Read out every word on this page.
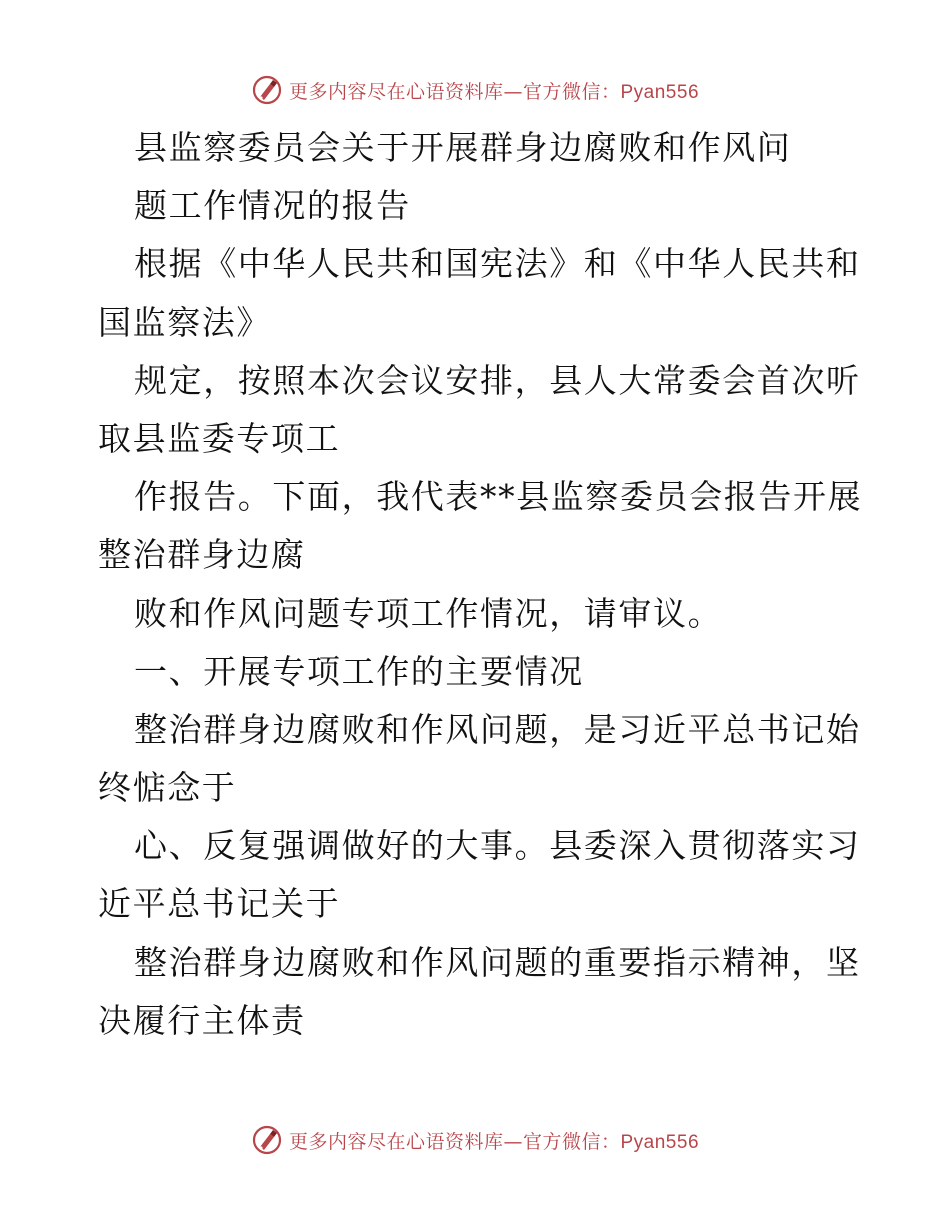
更多内容尽在心语资料库—官方微信：Pyan556
县监察委员会关于开展群身边腐败和作风问
题工作情况的报告
根据《中华人民共和国宪法》和《中华人民共和
国监察法》
规定，按照本次会议安排，县人大常委会首次听
取县监委专项工
作报告。下面，我代表**县监察委员会报告开展
整治群身边腐
败和作风问题专项工作情况，请审议。
一、开展专项工作的主要情况
整治群身边腐败和作风问题，是习近平总书记始
终惦念于
心、反复强调做好的大事。县委深入贯彻落实习
近平总书记关于
整治群身边腐败和作风问题的重要指示精神，坚
决履行主体责
更多内容尽在心语资料库—官方微信：Pyan556
